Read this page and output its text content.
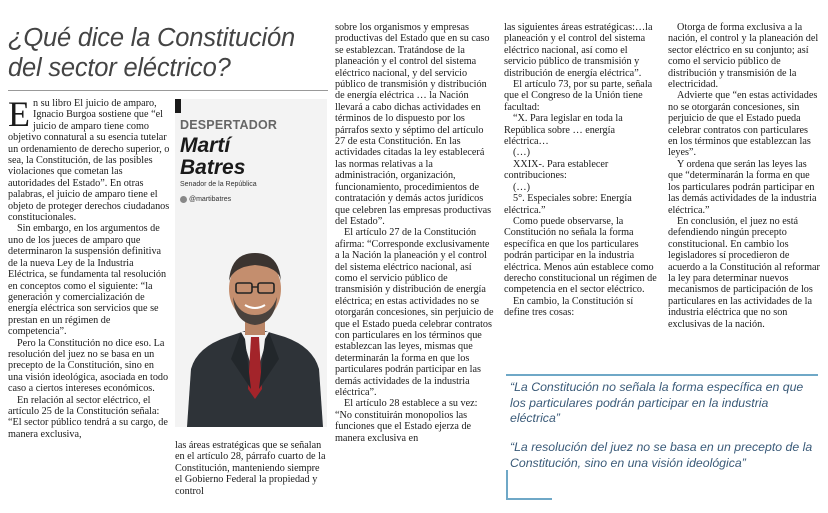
¿Qué dice la Constitución
del sector eléctrico?

En su libro El juicio de amparo, Ignacio Burgoa sostiene que “el juicio de amparo tiene como objetivo connatural a su esencia tutelar un ordenamiento de derecho superior, o sea, la Constitución, de las posibles violaciones que cometan las autoridades del Estado”. En otras palabras, el juicio de amparo tiene el objeto de proteger derechos ciudadanos constitucionales.

Sin embargo, en los argumentos de uno de los jueces de amparo que determinaron la suspensión definitiva de la nueva Ley de la Industria Eléctrica, se fundamenta tal resolución en conceptos como el siguiente: “la generación y comercialización de energía eléctrica son servicios que se prestan en un régimen de competencia”.

Pero la Constitución no dice eso. La resolución del juez no se basa en un precepto de la Constitución, sino en una visión ideológica, asociada en todo caso a ciertos intereses económicos.

En relación al sector eléctrico, el artículo 25 de la Constitución señala: “El sector público tendrá a su cargo, de manera exclusiva,

las áreas estratégicas que se señalan en el artículo 28, párrafo cuarto de la Constitución, manteniendo siempre el Gobierno Federal la propiedad y control

sobre los organismos y empresas productivas del Estado que en su caso se establezcan. Tratándose de la planeación y el control del sistema eléctrico nacional, y del servicio público de transmisión y distribución de energía eléctrica … la Nación llevará a cabo dichas actividades en términos de lo dispuesto por los párrafos sexto y séptimo del artículo 27 de esta Constitución. En las actividades citadas la ley establecerá las normas relativas a la administración, organización, funcionamiento, procedimientos de contratación y demás actos jurídicos que celebren las empresas productivas del Estado”.

El artículo 27 de la Constitución afirma: “Corresponde exclusivamente a la Nación la planeación y el control del sistema eléctrico nacional, así como el servicio público de transmisión y distribución de energía eléctrica; en estas actividades no se otorgarán concesiones, sin perjuicio de que el Estado pueda celebrar contratos con particulares en los términos que establezcan las leyes, mismas que determinarán la forma en que los particulares podrán participar en las demás actividades de la industria eléctrica”.

El artículo 28 establece a su vez: “No constituirán monopolios las funciones que el Estado ejerza de manera exclusiva en

las siguientes áreas estratégicas:…la planeación y el control del sistema eléctrico nacional, así como el servicio público de transmisión y distribución de energía eléctrica”.

El artículo 73, por su parte, señala que el Congreso de la Unión tiene facultad:

“X. Para legislar en toda la República sobre … energía eléctrica…

(…)

XXIX-. Para establecer contribuciones:

(…)

5°. Especiales sobre: Energía eléctrica.”

Como puede observarse, la Constitución no señala la forma específica en que los particulares podrán participar en la industria eléctrica. Menos aún establece como derecho constitucional un régimen de competencia en el sector eléctrico.

En cambio, la Constitución sí define tres cosas:

Otorga de forma exclusiva a la nación, el control y la planeación del sector eléctrico en su conjunto; así como el servicio público de distribución y transmisión de la electricidad.

Advierte que “en estas actividades no se otorgarán concesiones, sin perjuicio de que el Estado pueda celebrar contratos con particulares en los términos que establezcan las leyes”.

Y ordena que serán las leyes las que “determinarán la forma en que los particulares podrán participar en las demás actividades de la industria eléctrica.”

En conclusión, el juez no está defendiendo ningún precepto constitucional. En cambio los legisladores sí procedieron de acuerdo a la Constitución al reformar la ley para determinar nuevos mecanismos de participación de los particulares en las actividades de la industria eléctrica que no son exclusivas de la nación.

DESPERTADOR
Martí
Batres
Senador de la República
@martibatres
“La Constitución no señala la forma específica en que los particulares podrán participar en la industria eléctrica”
“La resolución del juez no se basa en un precepto de la Constitución, sino en una visión ideológica”
